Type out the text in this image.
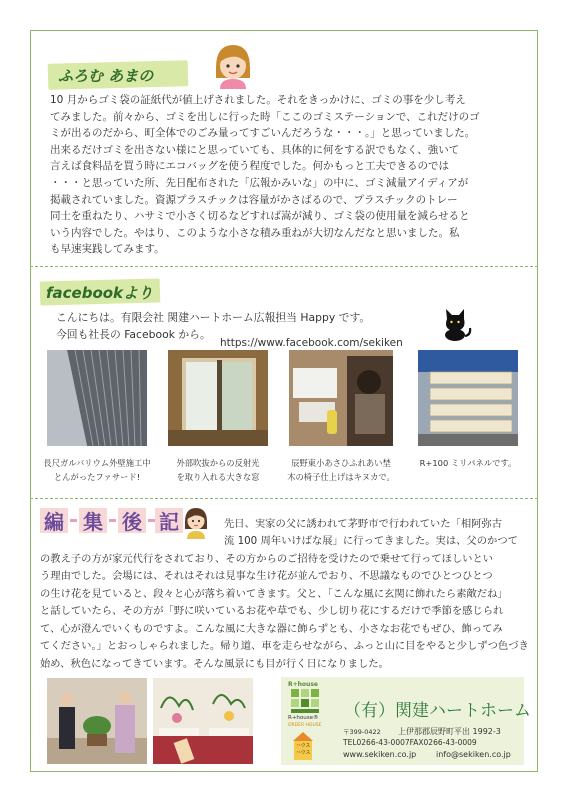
ふろむ あまの
10 月からゴミ袋の証紙代が値上げされました。それをきっかけに、ゴミの事を少し考え
てみました。前々から、ゴミを出しに行った時「ここのゴミステーションで、これだけのゴ
ミが出るのだから、町全体でのごみ量ってすごいんだろうな・・・。」と思っていました。
出来るだけゴミを出さない様にと思っていても、具体的に何をする訳でもなく、強いて
言えば食料品を買う時にエコバッグを使う程度でした。何かもっと工夫できるのでは
・・・と思っていた所、先日配布された「広報かみいな」の中に、ゴミ減量アイディアが
掲載されていました。資源プラスチックは容量がかさばるので、プラスチックのトレー
同士を重ねたり、ハサミで小さく切るなどすれば嵩が減り、ゴミ袋の使用量を減らせると
いう内容でした。やはり、このような小さな積み重ねが大切なんだなと思いました。私
も早速実践してみます。
facebookより
こんにちは。有限会社 関建ハートホーム広報担当 Happy です。
今回も社長の Facebook から。
https://www.facebook.com/sekiken
長尺ガルバリウム外壁施工中
とんがったファサード!
外部吹抜からの反射光
を取り入れる大きな窓
辰野東小あさひふれあい埜
木の椅子仕上げはキヌカで。
R+100 ミリパネルです。
編 集 後 記	先日、実家の父に誘われて茅野市で行われていた「相阿弥古
流 100 周年いけばな展」に行ってきました。実は、父のかつて
の教え子の方が家元代行をされており、その方からのご招待を受けたので乗せて行ってほしいとい
う理由でした。会場には、それはそれは見事な生け花が並んでおり、不思議なものでひとつひとつ
の生け花を見ていると、段々と心が落ち着いてきます。父と、「こんな風に玄関に飾れたら素敵だね」
と話していたら、その方が「野に咲いているお花や草でも、少し切り花にするだけで季節を感じられ
て、心が澄んでいくものですよ。こんな風に大きな器に飾らずとも、小さなお花でもぜひ、飾ってみ
てください。」とおっしゃられました。帰り道、車を走らせながら、ふっと山に目をやると少しずつ色づき
始め、秋色になってきています。そんな風景にも目が行く日になりました。
R+house
R+house®
ORDER HOUSE
ハウス
ハウス
（有）関建ハートホーム
〒399-0422 上伊那郡辰野町平出 1992-3
TEL0266-43-0007FAX0266-43-0009
www.sekiken.co.jp info@sekiken.co.jp
